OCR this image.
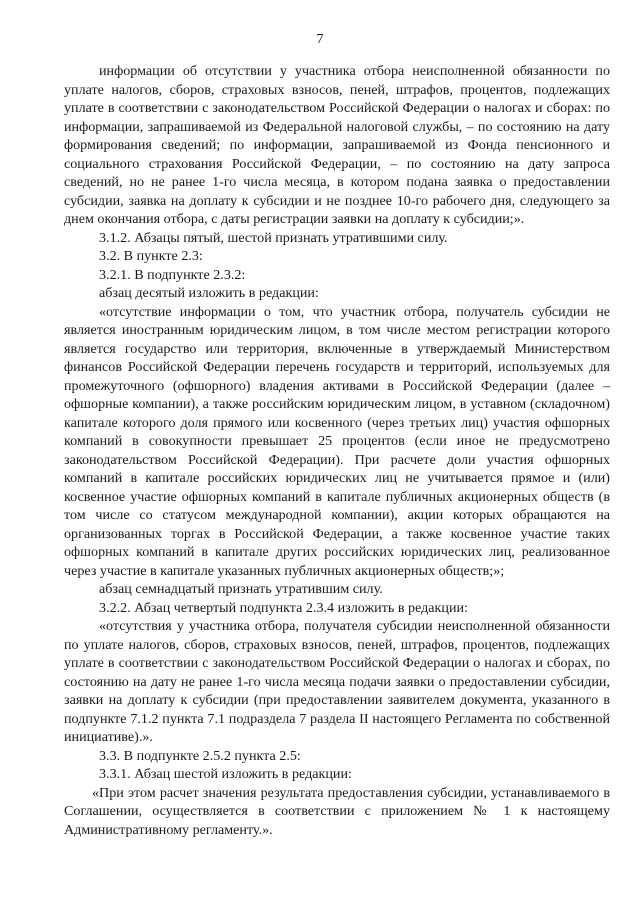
7

информации об отсутствии у участника отбора неисполненной обязанности по уплате налогов, сборов, страховых взносов, пеней, штрафов, процентов, подлежащих уплате в соответствии с законодательством Российской Федерации о налогах и сборах: по информации, запрашиваемой из Федеральной налоговой службы, – по состоянию на дату формирования сведений; по информации, запрашиваемой из Фонда пенсионного и социального страхования Российской Федерации, – по состоянию на дату запроса сведений, но не ранее 1-го числа месяца, в котором подана заявка о предоставлении субсидии, заявка на доплату к субсидии и не позднее 10-го рабочего дня, следующего за днем окончания отбора, с даты регистрации заявки на доплату к субсидии;».

3.1.2. Абзацы пятый, шестой признать утратившими силу.

3.2. В пункте 2.3:

3.2.1. В подпункте 2.3.2:

абзац десятый изложить в редакции:

«отсутствие информации о том, что участник отбора, получатель субсидии не является иностранным юридическим лицом, в том числе местом регистрации которого является государство или территория, включенные в утверждаемый Министерством финансов Российской Федерации перечень государств и территорий, используемых для промежуточного (офшорного) владения активами в Российской Федерации (далее – офшорные компании), а также российским юридическим лицом, в уставном (складочном) капитале которого доля прямого или косвенного (через третьих лиц) участия офшорных компаний в совокупности превышает 25 процентов (если иное не предусмотрено законодательством Российской Федерации). При расчете доли участия офшорных компаний в капитале российских юридических лиц не учитывается прямое и (или) косвенное участие офшорных компаний в капитале публичных акционерных обществ (в том числе со статусом международной компании), акции которых обращаются на организованных торгах в Российской Федерации, а также косвенное участие таких офшорных компаний в капитале других российских юридических лиц, реализованное через участие в капитале указанных публичных акционерных обществ;»;

абзац семнадцатый признать утратившим силу.

3.2.2. Абзац четвертый подпункта 2.3.4 изложить в редакции:

«отсутствия у участника отбора, получателя субсидии неисполненной обязанности по уплате налогов, сборов, страховых взносов, пеней, штрафов, процентов, подлежащих уплате в соответствии с законодательством Российской Федерации о налогах и сборах, по состоянию на дату не ранее 1-го числа месяца подачи заявки о предоставлении субсидии, заявки на доплату к субсидии (при предоставлении заявителем документа, указанного в подпункте 7.1.2 пункта 7.1 подраздела 7 раздела II настоящего Регламента по собственной инициативе).».

3.3. В подпункте 2.5.2 пункта 2.5:

3.3.1. Абзац шестой изложить в редакции:

«При этом расчет значения результата предоставления субсидии, устанавливаемого в Соглашении, осуществляется в соответствии с приложением № 1 к настоящему Административному регламенту.».
